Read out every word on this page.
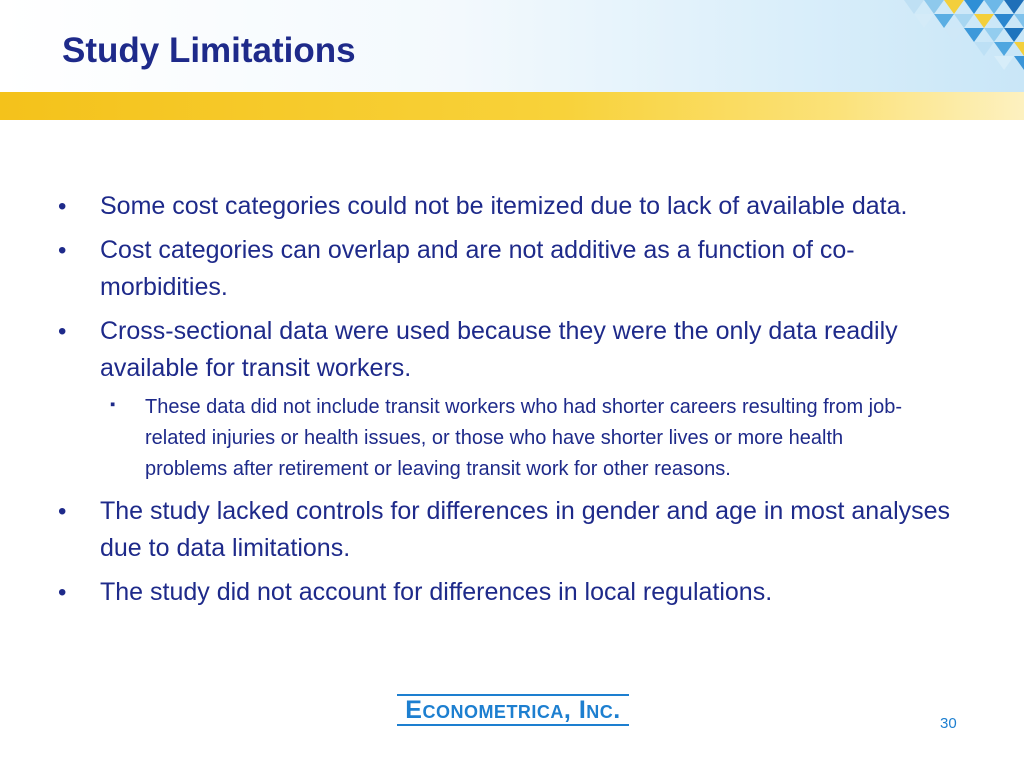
Study Limitations
•	Some cost categories could not be itemized due to lack of available data.
•	Cost categories can overlap and are not additive as a function of co-morbidities.
•	Cross-sectional data were used because they were the only data readily available for transit workers.
▪	These data did not include transit workers who had shorter careers resulting from job-related injuries or health issues, or those who have shorter lives or more health problems after retirement or leaving transit work for other reasons.
•	The study lacked controls for differences in gender and age in most analyses due to data limitations.
•	The study did not account for differences in local regulations.
Econometrica, Inc.	30
